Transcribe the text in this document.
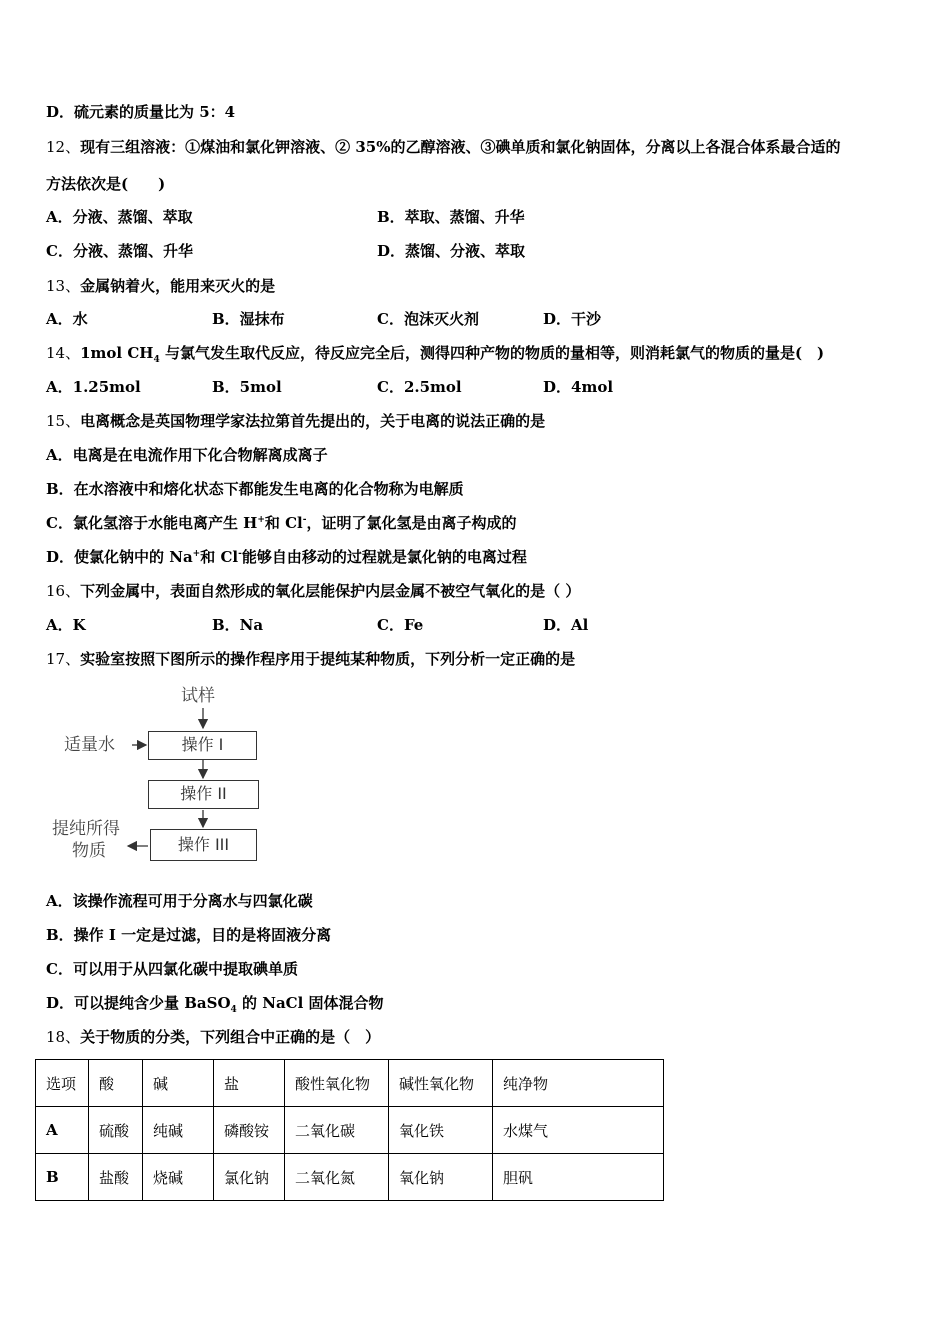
D．硫元素的质量比为 5：4
12、现有三组溶液：①煤油和氯化钾溶液、② 35%的乙醇溶液、③碘单质和氯化钠固体，分离以上各混合体系最合适的
方法依次是(　　)
A．分液、蒸馏、萃取	B．萃取、蒸馏、升华
C．分液、蒸馏、升华	D．蒸馏、分液、萃取
13、金属钠着火，能用来灭火的是
A．水	B．湿抹布	C．泡沫灭火剂	D．干沙
14、1mol $CH_4$ 与氯气发生取代反应，待反应完全后，测得四种产物的物质的量相等，则消耗氯气的物质的量是(　)
A．1.25mol	B．5mol	C．2.5mol	D．4mol
15、电离概念是英国物理学家法拉第首先提出的，关于电离的说法正确的是
A．电离是在电流作用下化合物解离成离子
B．在水溶液中和熔化状态下都能发生电离的化合物称为电解质
C．氯化氢溶于水能电离产生 H+和 Cl-，证明了氯化氢是由离子构成的
D．使氯化钠中的 Na+和 Cl-能够自由移动的过程就是氯化钠的电离过程
16、下列金属中，表面自然形成的氧化层能保护内层金属不被空气氧化的是（ ）
A．K	B．Na	C．Fe	D．Al
17、实验室按照下图所示的操作程序用于提纯某种物质，下列分析一定正确的是
试样
适量水	操作 I
操作 II
操作 III
提纯所得
物质
A．该操作流程可用于分离水与四氯化碳
B．操作 I 一定是过滤，目的是将固液分离
C．可以用于从四氯化碳中提取碘单质
D．可以提纯含少量 BaSO$_4$ 的 NaCl 固体混合物
18、关于物质的分类，下列组合中正确的是（　）
选项	酸	碱	盐	酸性氧化物	碱性氧化物	纯净物
A	硫酸	纯碱	磷酸铵	二氧化碳	氧化铁	水煤气
B	盐酸	烧碱	氯化钠	二氧化氮	氧化钠	胆矾
